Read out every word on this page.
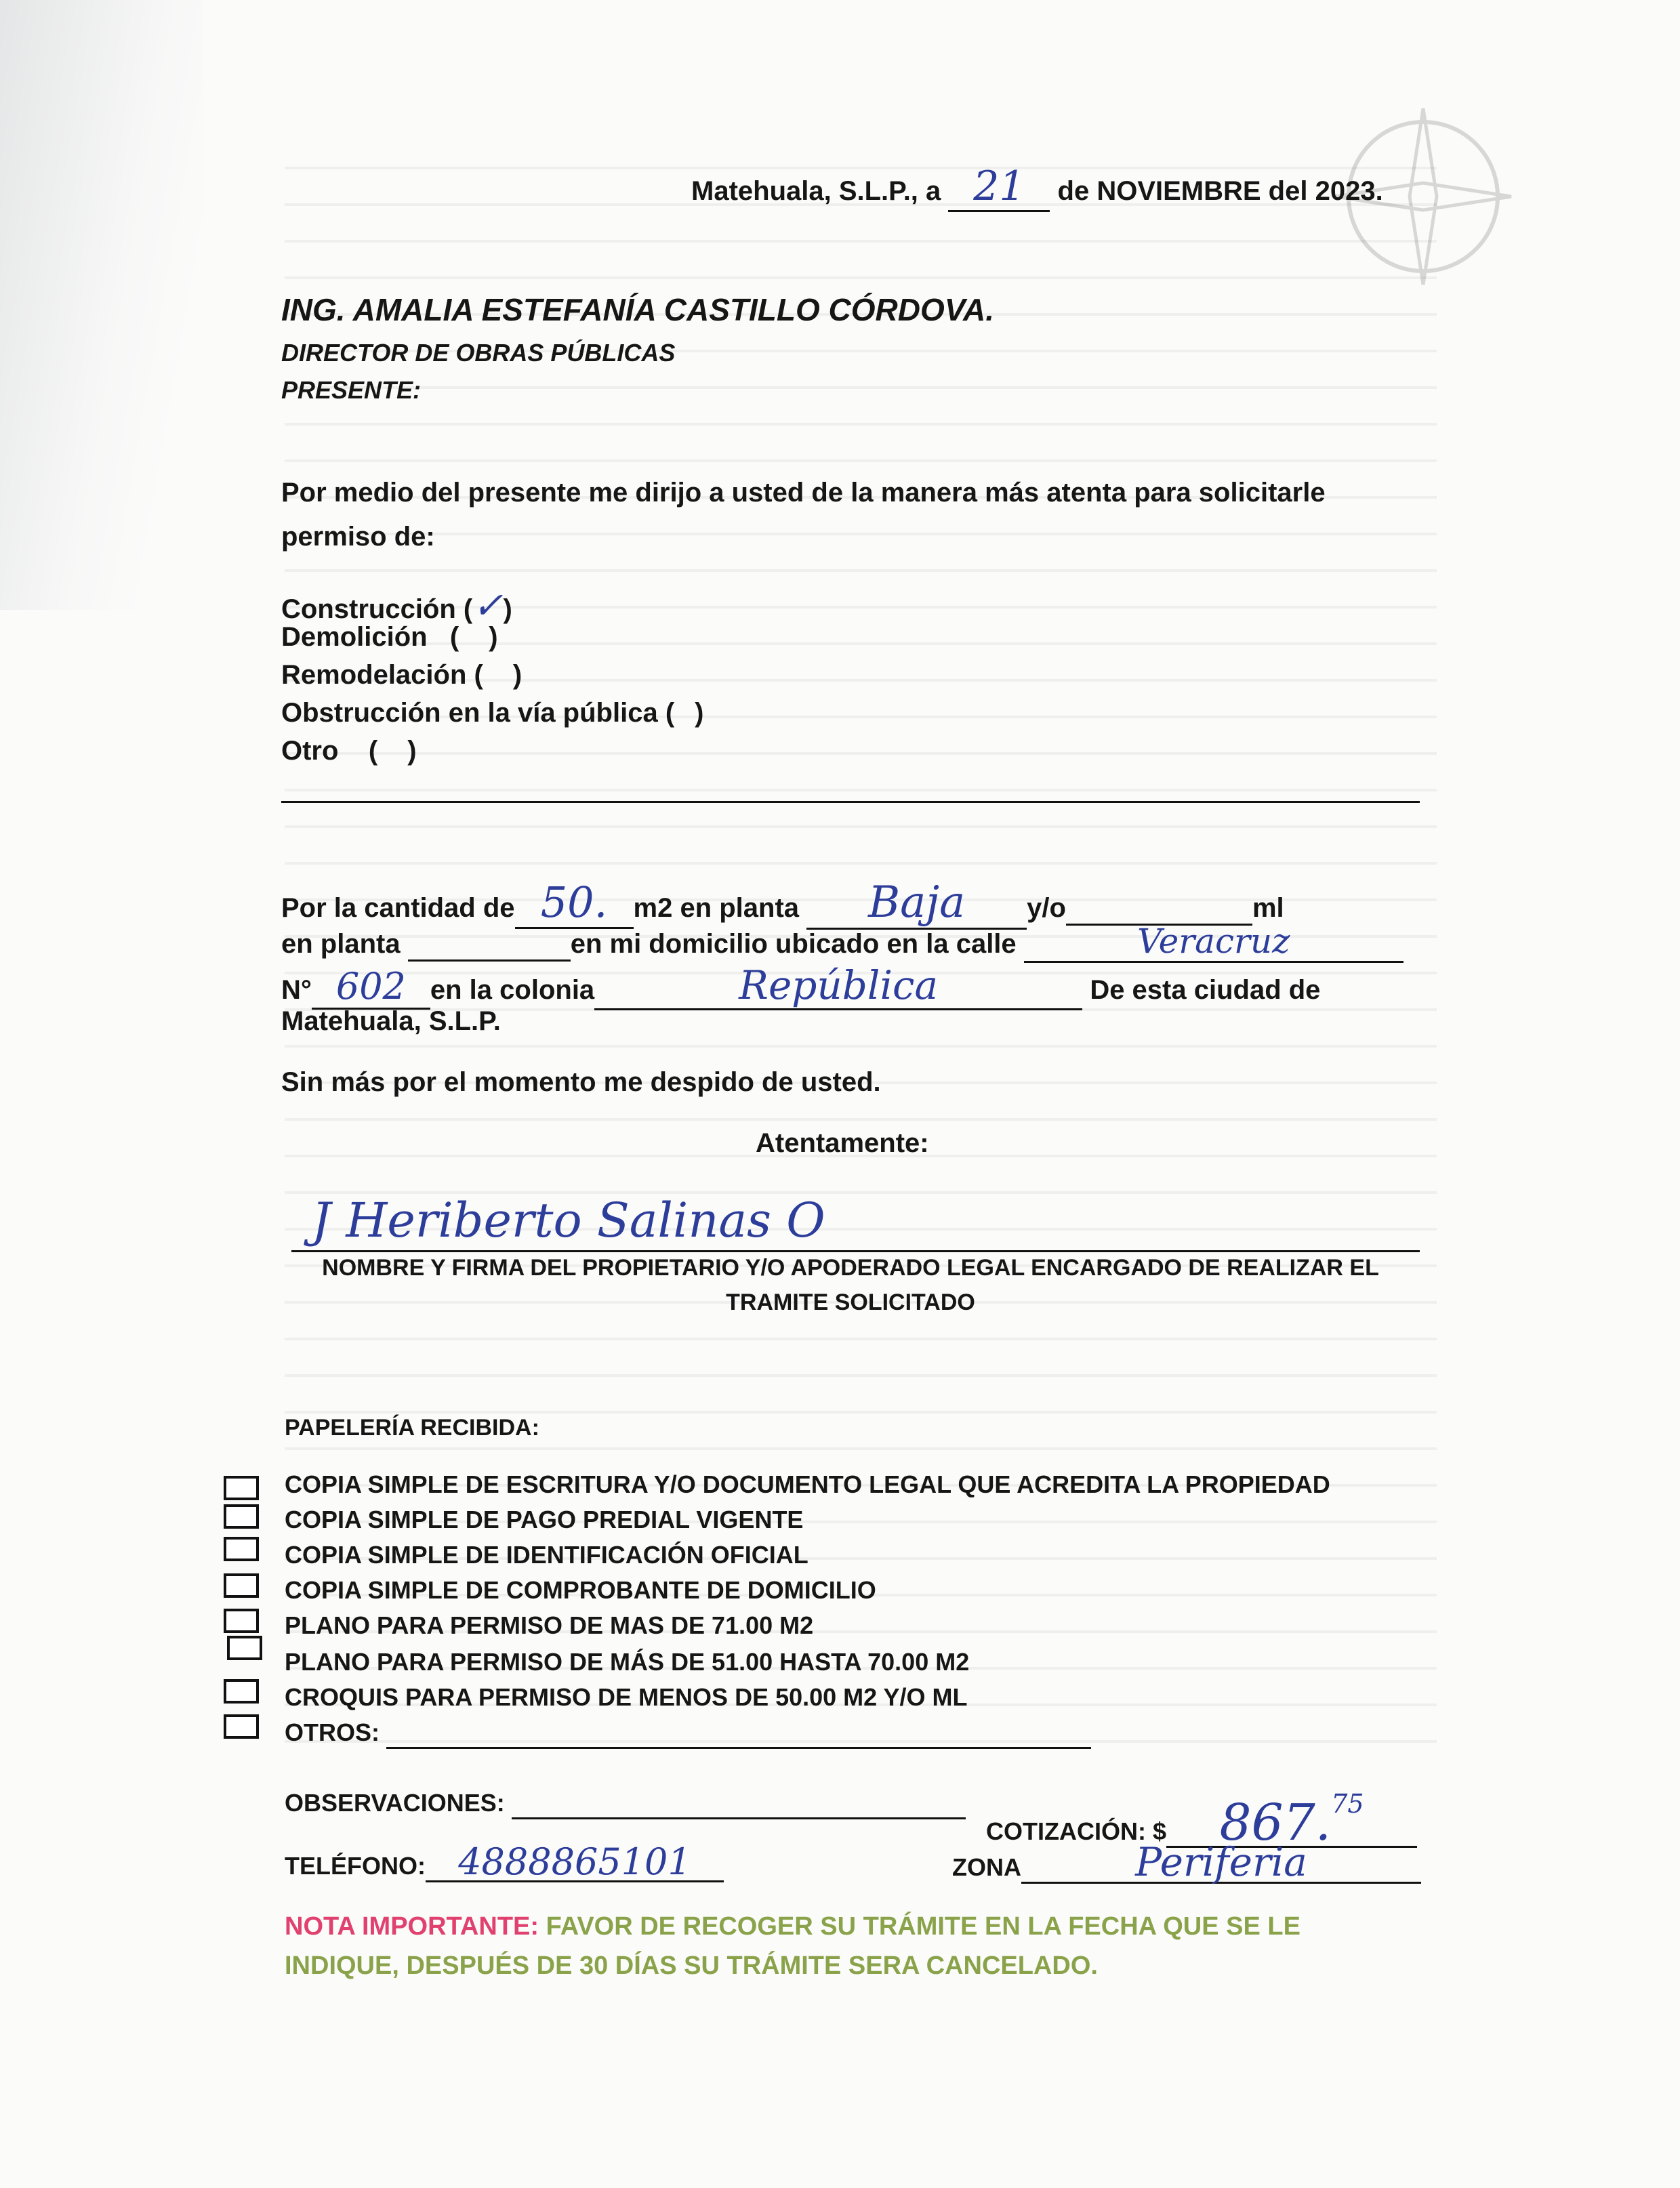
Matehuala, S.L.P., a 21 de NOVIEMBRE del 2023.
ING. AMALIA ESTEFANÍA CASTILLO CÓRDOVA.
DIRECTOR DE OBRAS PÚBLICAS
PRESENTE:
Por medio del presente me dirijo a usted de la manera más atenta para solicitarle
permiso de:
Construcción (✓)
Demolición   ( )
Remodelación ( )
Obstrucción en la vía pública ( )
Otro    ( )
Por la cantidad de 50. m2 en planta Baja y/o	ml
en planta	en mi domicilio ubicado en la calle	Veracruz
N° 602 en la colonia	República	De esta ciudad de
Matehuala, S.L.P.
Sin más por el momento me despido de usted.
Atentamente:
J Heriberto Salinas O
NOMBRE Y FIRMA DEL PROPIETARIO Y/O APODERADO LEGAL ENCARGADO DE REALIZAR EL
TRAMITE SOLICITADO
PAPELERÍA RECIBIDA:
COPIA SIMPLE DE ESCRITURA Y/O DOCUMENTO LEGAL QUE ACREDITA LA PROPIEDAD
COPIA SIMPLE DE PAGO PREDIAL VIGENTE
COPIA SIMPLE DE IDENTIFICACIÓN OFICIAL
COPIA SIMPLE DE COMPROBANTE DE DOMICILIO
PLANO PARA PERMISO DE MAS DE 71.00 M2
PLANO PARA PERMISO DE MÁS DE 51.00 HASTA 70.00 M2
CROQUIS PARA PERMISO DE MENOS DE 50.00 M2 Y/O ML
OTROS:
OBSERVACIONES:
COTIZACIÓN: $ 867.75
TELÉFONO: 4888865101	ZONA	Periferia
NOTA IMPORTANTE: FAVOR DE RECOGER SU TRÁMITE EN LA FECHA QUE SE LE
INDIQUE, DESPUÉS DE 30 DÍAS SU TRÁMITE SERA CANCELADO.
